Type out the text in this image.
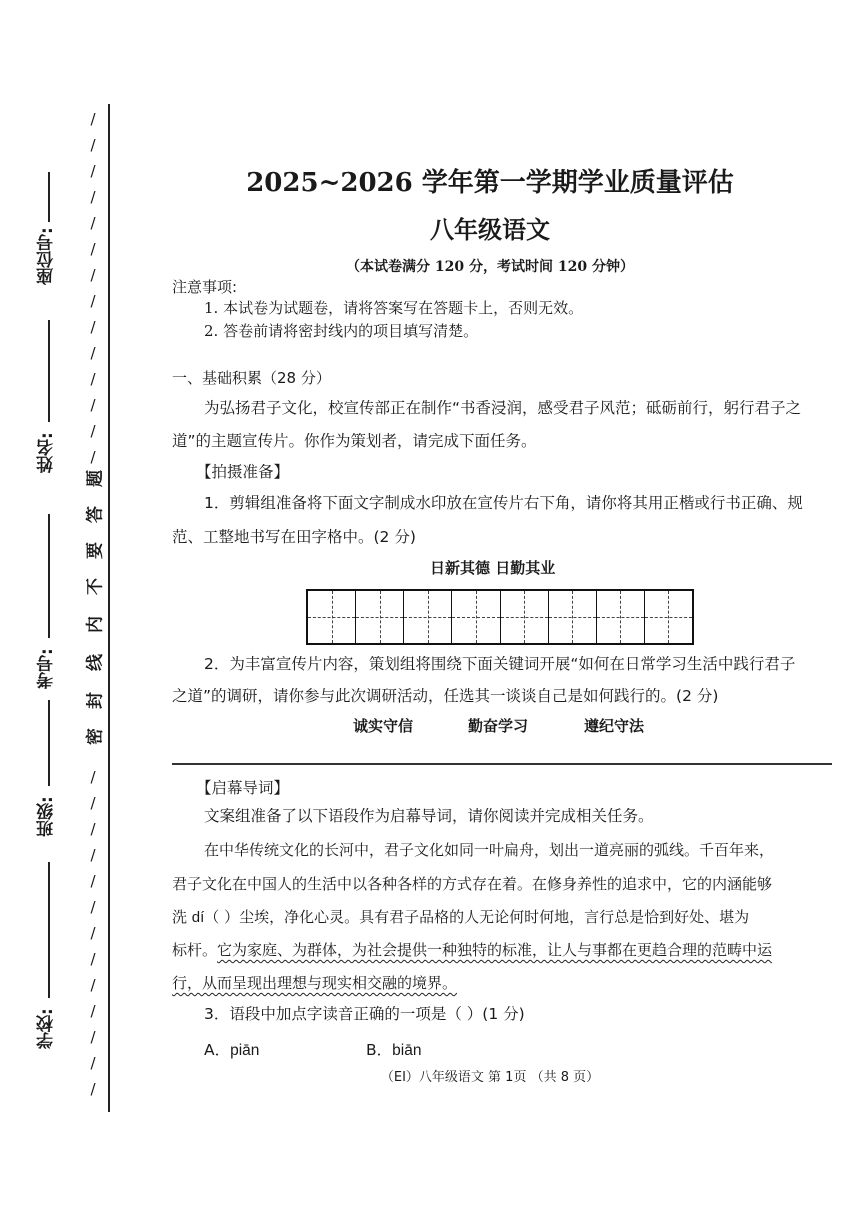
座位号:
姓名:
考号:
班级:
学校:
/
/
/
/
/
/
/
/
/
/
/
/
/
/
题
答
要
不
内
线
封
密
/
/
/
/
/
/
/
/
/
/
/
/
/
2025~2026 学年第一学期学业质量评估
八年级语文
（本试卷满分 120 分，考试时间 120 分钟）
注意事项:
1. 本试卷为试题卷，请将答案写在答题卡上，否则无效。
2. 答卷前请将密封线内的项目填写清楚。
一、基础积累（28 分）
为弘扬君子文化，校宣传部正在制作“书香浸润，感受君子风范；砥砺前行，躬行君子之
道”的主题宣传片。你作为策划者，请完成下面任务。
【拍摄准备】
1．剪辑组准备将下面文字制成水印放在宣传片右下角，请你将其用正楷或行书正确、规
范、工整地书写在田字格中。(2 分)
日新其德 日勤其业
2．为丰富宣传片内容，策划组将围绕下面关键词开展“如何在日常学习生活中践行君子
之道”的调研，请你参与此次调研活动，任选其一谈谈自己是如何践行的。(2 分)
诚实守信	勤奋学习	遵纪守法
【启幕导词】
文案组准备了以下语段作为启幕导词，请你阅读并完成相关任务。
在中华传统文化的长河中，君子文化如同一叶扁舟，划出一道亮丽的弧线。千百年来，
君子文化在中国人的生活中以各种各样的方式存在着。在修身养性的追求中，它的内涵能够
洗 dí（ ）尘埃，净化心灵。具有君子品格的人无论何时何地，言行总是恰到好处、堪为
标杆。它为家庭、为群体，为社会提供一种独特的标准，让人与事都在更趋合理的范畴中运
行，从而呈现出理想与现实相交融的境界。
3．语段中加点字读音正确的一项是（ ）(1 分)
A．piān	B．biān
（EI）八年级语文 第 1页 （共 8 页）
